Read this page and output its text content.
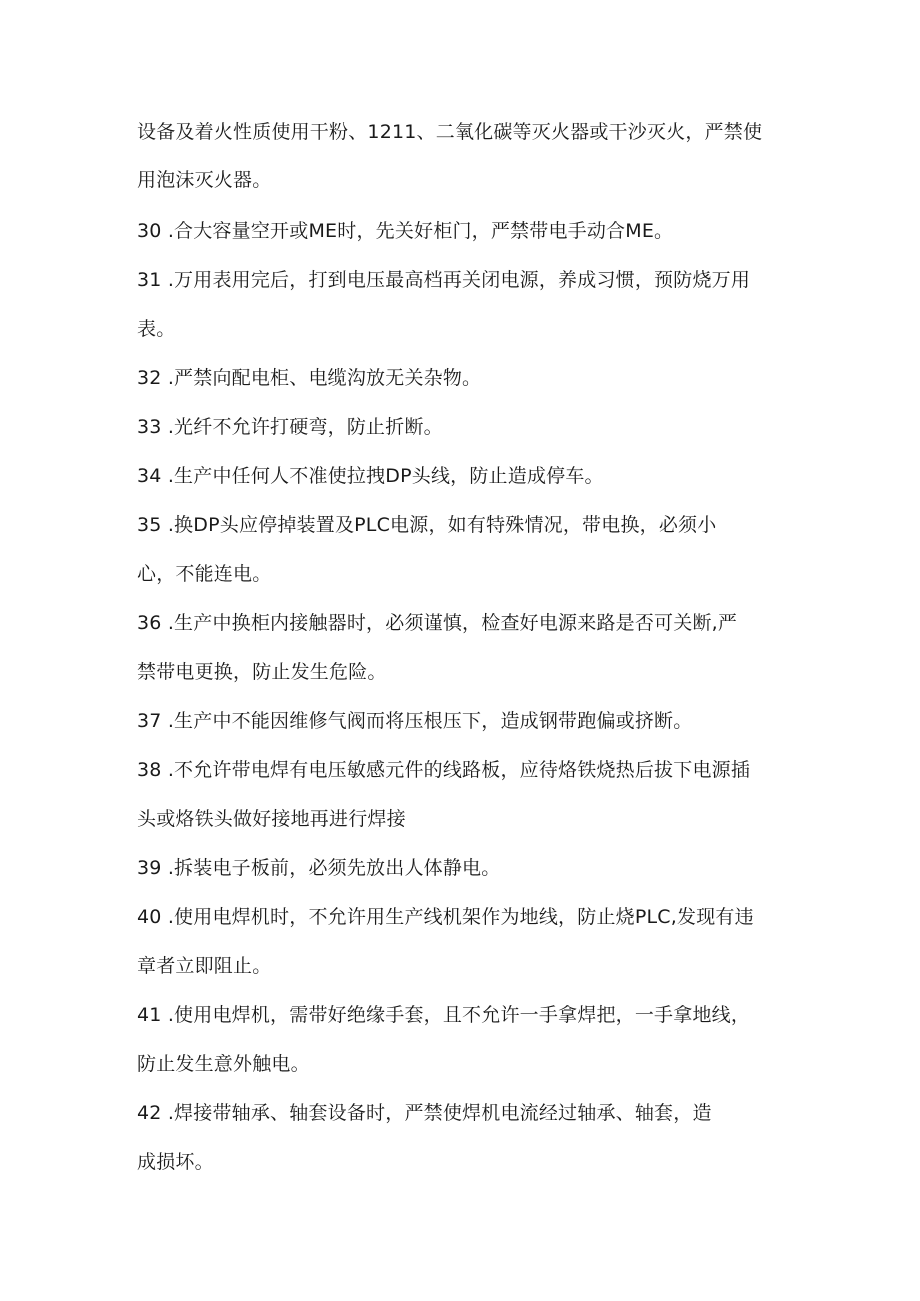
设备及着火性质使用干粉、1211、二氧化碳等灭火器或干沙灭火，严禁使
用泡沫灭火器。
30 .合大容量空开或ME时，先关好柜门，严禁带电手动合ME。
31 .万用表用完后，打到电压最高档再关闭电源，养成习惯，预防烧万用
表。
32 .严禁向配电柜、电缆沟放无关杂物。
33 .光纤不允许打硬弯，防止折断。
34 .生产中任何人不准使拉拽DP头线，防止造成停车。
35 .换DP头应停掉装置及PLC电源，如有特殊情况，带电换，必须小
心，不能连电。
36 .生产中换柜内接触器时，必须谨慎，检查好电源来路是否可关断,严
禁带电更换，防止发生危险。
37 .生产中不能因维修气阀而将压根压下，造成钢带跑偏或挤断。
38 .不允许带电焊有电压敏感元件的线路板，应待烙铁烧热后拔下电源插
头或烙铁头做好接地再进行焊接
39 .拆装电子板前，必须先放出人体静电。
40 .使用电焊机时，不允许用生产线机架作为地线，防止烧PLC,发现有违
章者立即阻止。
41 .使用电焊机，需带好绝缘手套，且不允许一手拿焊把，一手拿地线，
防止发生意外触电。
42 .焊接带轴承、轴套设备时，严禁使焊机电流经过轴承、轴套，造
成损坏。
